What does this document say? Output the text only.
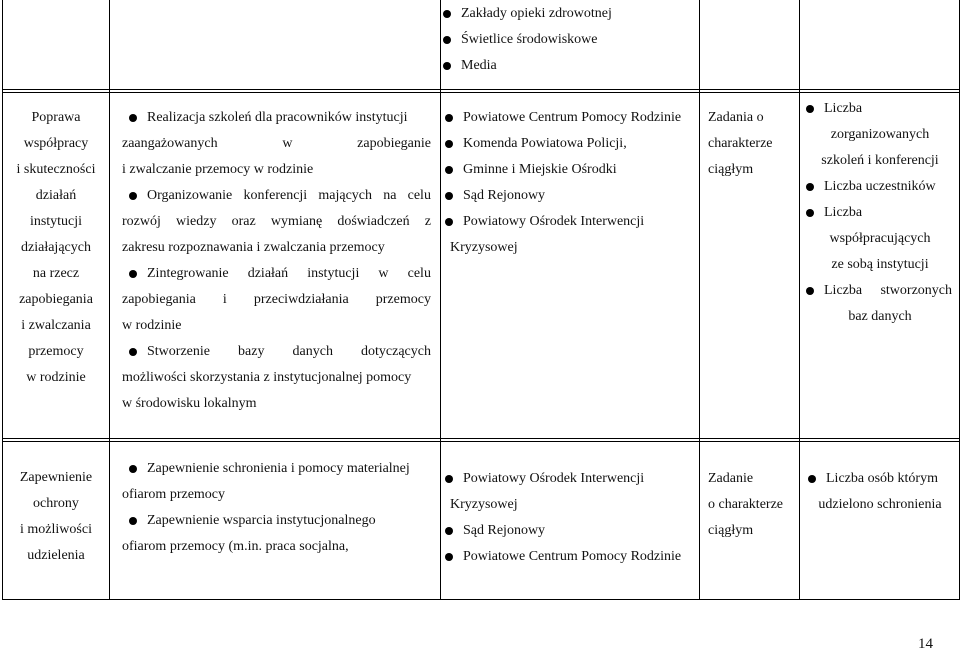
Zakłady opieki zdrowotnej
Świetlice środowiskowe
Media
Poprawa
współpracy
i skuteczności
działań
instytucji
działających
na rzecz
zapobiegania
i zwalczania
przemocy
w rodzinie
Realizacja szkoleń dla pracowników instytucji
zaangażowanych	w	zapobieganie
i zwalczanie przemocy w rodzinie
Organizowanie konferencji mających na celu
rozwój wiedzy oraz wymianę doświadczeń z
zakresu rozpoznawania i zwalczania przemocy
Zintegrowanie działań instytucji w celu
zapobiegania i przeciwdziałania przemocy
w rodzinie
Stworzenie bazy danych dotyczących
możliwości skorzystania z instytucjonalnej pomocy
w środowisku lokalnym
Powiatowe Centrum Pomocy Rodzinie
Komenda Powiatowa Policji,
Gminne i Miejskie Ośrodki
Sąd Rejonowy
Powiatowy Ośrodek Interwencji
Kryzysowej
Zadania o
charakterze
ciągłym
Liczba
zorganizowanych
szkoleń i konferencji
Liczba uczestników
Liczba
współpracujących
ze sobą instytucji
Liczba stworzonych
baz danych
Zapewnienie
ochrony
i możliwości
udzielenia
Zapewnienie schronienia i pomocy materialnej
ofiarom przemocy
Zapewnienie wsparcia instytucjonalnego
ofiarom przemocy (m.in. praca socjalna,
Powiatowy Ośrodek Interwencji
Kryzysowej
Sąd Rejonowy
Powiatowe Centrum Pomocy Rodzinie
Zadanie
o charakterze
ciągłym
Liczba osób którym
udzielono schronienia
14
